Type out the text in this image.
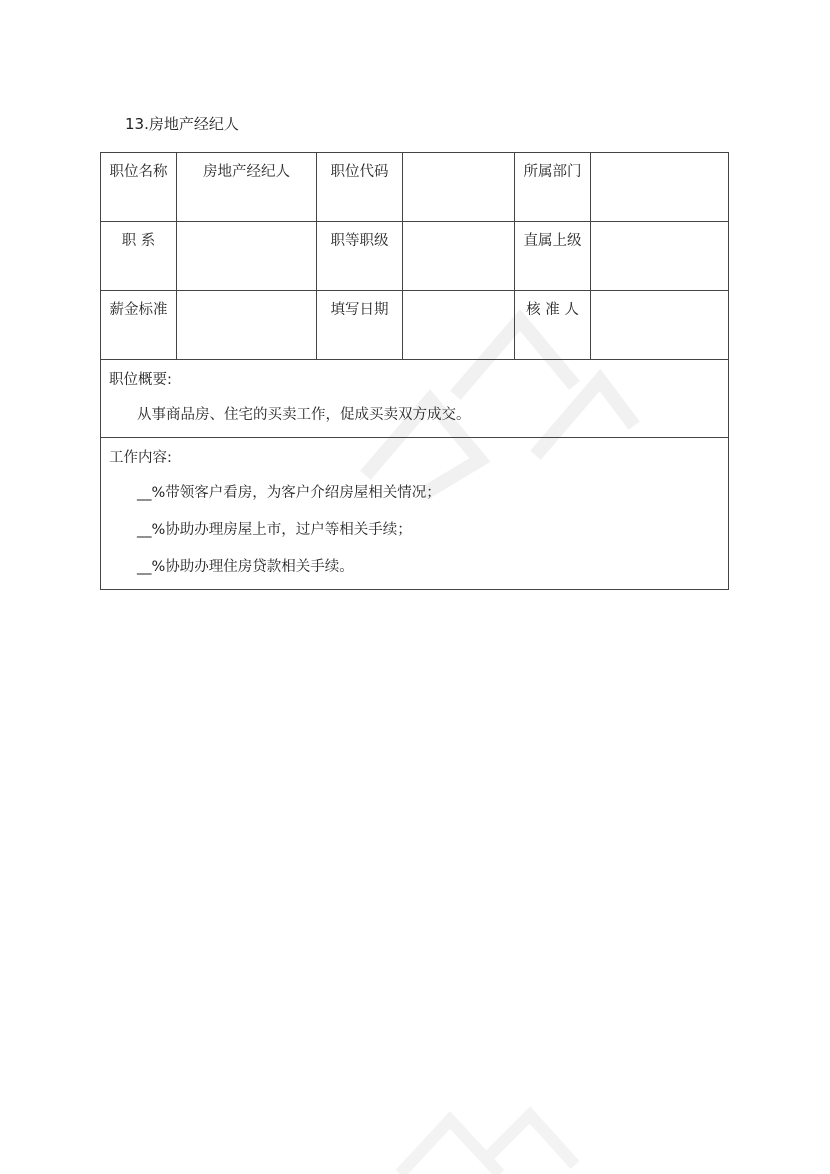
13.房地产经纪人
职位名称	房地产经纪人	职位代码		所属部门	

职 系		职等职级		直属上级	

薪金标准		填写日期		核 准 人	

职位概要:
从事商品房、住宅的买卖工作，促成买卖双方成交。					

工作内容:
__%带领客户看房，为客户介绍房屋相关情况；
__%协助办理房屋上市，过户等相关手续；
__%协助办理住房贷款相关手续。					
